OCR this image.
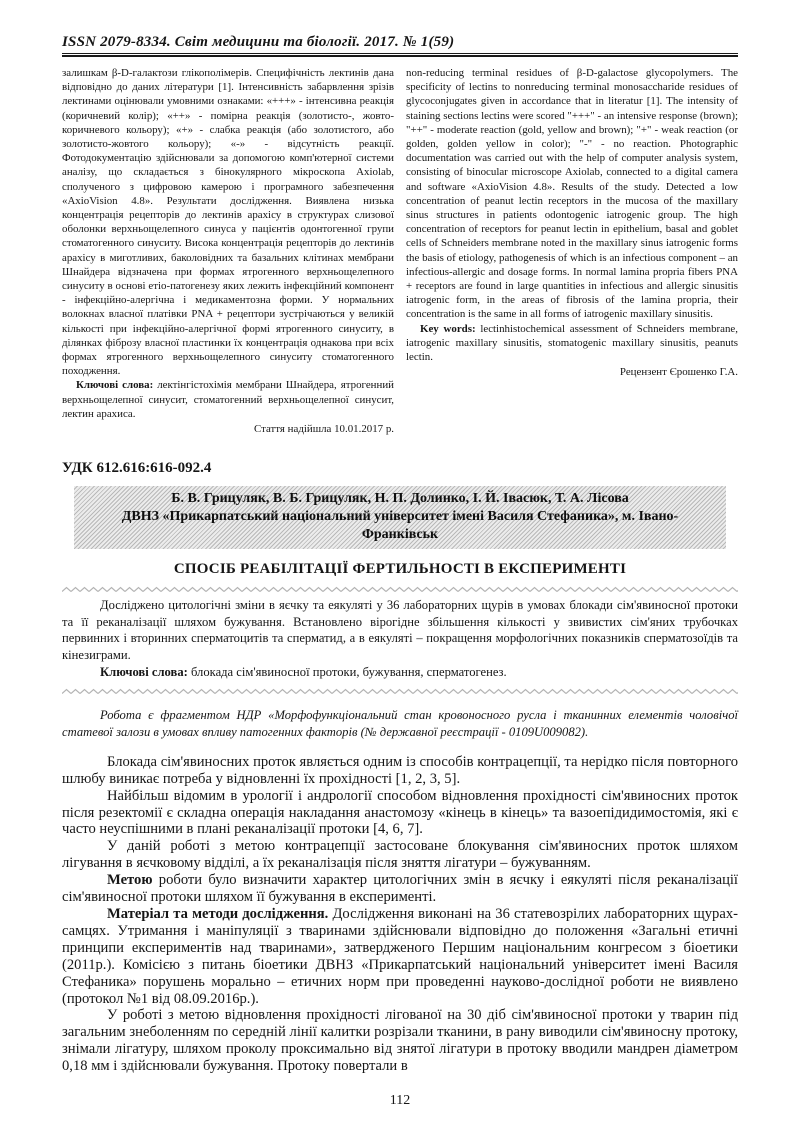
ISSN 2079-8334. Світ медицини та біології. 2017. № 1(59)

залишкам β-D-галактози глікополімерів. Специфічність лектинів дана відповідно до даних літератури [1]. Інтенсивність забарвлення зрізів лектинами оцінювали умовними ознаками: «+++» - інтенсивна реакція (коричневий колір); «++» - помірна реакція (золотисто-, жовто-коричневого кольору); «+» - слабка реакція (або золотистого, або золотисто-жовтого кольору); «-» - відсутність реакції. Фотодокументацію здійснювали за допомогою комп'ютерної системи аналізу, що складається з бінокулярного мікроскопа Axiolab, сполученого з цифровою камерою і програмного забезпечення «AxioVision 4.8». Результати дослідження. Виявлена низька концентрація рецепторів до лектинів арахісу в структурах слизової оболонки верхньощелепного синуса у пацієнтів одонтогенної групи стоматогенного синуситу. Висока концентрація рецепторів до лектинів арахісу в миготливих, баколовідних та базальних клітинах мембрани Шнайдера відзначена при формах ятрогенного верхньощелепного синуситу в основі етіо-патогенезу яких лежить інфекційний компонент - інфекційно-алергічна і медикаментозна форми. У нормальних волокнах власної платівки PNA + рецептори зустрічаються у великій кількості при інфекційно-алергічної формі ятрогенного синуситу, в ділянках фіброзу власної пластинки їх концентрація однакова при всіх формах ятрогенного верхньощелепного синуситу стоматогенного походження.

Ключові слова: лектінгістохімія мембрани Шнайдера, ятрогенний верхньощелепної синусит, стоматогенний верхньощелепної синусит, лектин арахиса.

Стаття надійшла 10.01.2017 р.

non-reducing terminal residues of β-D-galactose glycopolymers. The specificity of lectins to nonreducing terminal monosaccharide residues of glycoconjugates given in accordance that in literatur [1]. The intensity of staining sections lectins were scored "+++" - an intensive response (brown); "++" - moderate reaction (gold, yellow and brown); "+" - weak reaction (or golden, golden yellow in color); "-" - no reaction. Photographic documentation was carried out with the help of computer analysis system, consisting of binocular microscope Axiolab, connected to a digital camera and software «AxioVision 4.8». Results of the study. Detected a low concentration of peanut lectin receptors in the mucosa of the maxillary sinus structures in patients odontogenic iatrogenic group. The high concentration of receptors for peanut lectin in epithelium, basal and goblet cells of Schneiders membrane noted in the maxillary sinus iatrogenic forms the basis of etiology, pathogenesis of which is an infectious component – an infectious-allergic and dosage forms. In normal lamina propria fibers PNA + receptors are found in large quantities in infectious and allergic sinusitis iatrogenic form, in the areas of fibrosis of the lamina propria, their concentration is the same in all forms of iatrogenic maxillary sinusitis.

Key words: lectinhistochemical assessment of Schneiders membrane, iatrogenic maxillary sinusitis, stomatogenic maxillary sinusitis, peanuts lectin.

Рецензент Єрошенко Г.А.

УДК 612.616:616-092.4
Б. В. Грицуляк, В. Б. Грицуляк, Н. П. Долинко, І. Й. Івасюк, Т. А. Лісова
ДВНЗ «Прикарпатський національний університет імені Василя Стефаника», м. Івано-Франківськ
СПОСІБ РЕАБІЛІТАЦІЇ ФЕРТИЛЬНОСТІ В ЕКСПЕРИМЕНТІ

Досліджено цитологічні зміни в яєчку та еякуляті у 36 лабораторних щурів в умовах блокади сім'явиносної протоки та її реканалізації шляхом бужування. Встановлено вірогідне збільшення кількості у звивистих сім'яних трубочках первинних і вторинних сперматоцитів та сперматид, а в еякуляті – покращення морфологічних показників сперматозоїдів та кінезиграми.

Ключові слова: блокада сім'явиносної протоки, бужування, сперматогенез.

Робота є фрагментом НДР «Морфофункціональний стан кровоносного русла і тканинних елементів чоловічої статевої залози в умовах впливу патогенних факторів (№ державної реєстрації - 0109U009082).

Блокада сім'явиносних проток являється одним із способів контрацепції, та нерідко після повторного шлюбу виникає потреба у відновленні їх прохідності [1, 2, 3, 5].

Найбільш відомим в урології і андрології способом відновлення прохідності сім'явиносних проток після резектомії є складна операція накладання анастомозу «кінець в кінець» та вазоепідидимостомія, які є часто неуспішними в плані реканалізації протоки [4, 6, 7].

У даній роботі з метою контрацепції застосоване блокування сім'явиносних проток шляхом лігування в яєчковому відділі, а їх реканалізація після зняття лігатури – бужуванням.

Метою роботи було визначити характер цитологічних змін в яєчку і еякуляті після реканалізації сім'явиносної протоки шляхом її бужування в експерименті.

Матеріал та методи дослідження. Дослідження виконані на 36 статевозрілих лабораторних щурах-самцях. Утримання і маніпуляції з тваринами здійснювали відповідно до положення «Загальні етичні принципи експериментів над тваринами», затвердженого Першим національним конгресом з біоетики (2011р.). Комісією з питань біоетики ДВНЗ «Прикарпатський національний університет імені Василя Стефаника» порушень морально – етичних норм при проведенні науково-дослідної роботи не виявлено (протокол №1 від 08.09.2016р.).

У роботі з метою відновлення прохідності лігованої на 30 діб сім'явиносної протоки у тварин під загальним знеболенням по середній лінії калитки розрізали тканини, в рану виводили сім'явиносну протоку, знімали лігатуру, шляхом проколу проксимально від знятої лігатури в протоку вводили мандрен діаметром 0,18 мм і здійснювали бужування. Протоку повертали в

112
